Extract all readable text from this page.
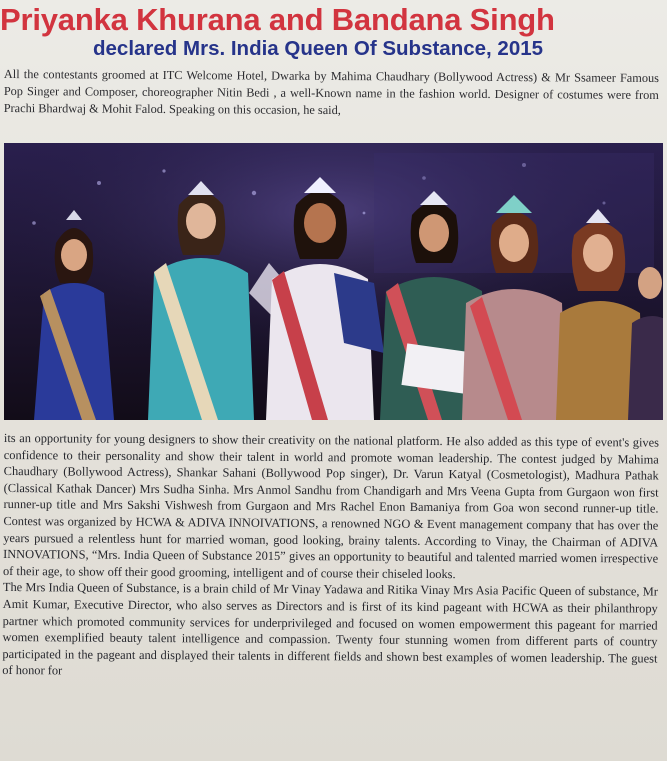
Priyanka Khurana and Bandana Singh
declared Mrs. India Queen Of Substance, 2015

All the contestants groomed at ITC Welcome Hotel, Dwarka by Mahima Chaudhary (Bollywood Actress) & Mr Ssameer Famous Pop Singer and Composer, choreographer Nitin Bedi , a well-Known name in the fashion world. Designer of costumes were from Prachi Bhardwaj & Mohit Falod. Speaking on this occasion, he said,

its an opportunity for young designers to show their creativity on the national platform. He also added as this type of event's gives confidence to their personality and show their talent in world and promote woman leadership. The contest judged by Mahima Chaudhary (Bollywood Actress), Shankar Sahani (Bollywood Pop singer), Dr. Varun Katyal (Cosmetologist), Madhura Pathak (Classical Kathak Dancer) Mrs Sudha Sinha. Mrs Anmol Sandhu from Chandigarh and Mrs Veena Gupta from Gurgaon won first runner-up title and Mrs Sakshi Vishwesh from Gurgaon and Mrs Rachel Enon Bamaniya from Goa won second runner-up title. Contest was organized by HCWA & ADIVA INNOIVATIONS, a renowned NGO & Event management company that has over the years pursued a relentless hunt for married woman, good looking, brainy talents. According to Vinay, the Chairman of ADIVA INNOVATIONS, “Mrs. India Queen of Substance 2015” gives an opportunity to beautiful and talented married women irrespective of their age, to show off their good grooming, intelligent and of course their chiseled looks.

The Mrs India Queen of Substance, is a brain child of Mr Vinay Yadawa and Ritika Vinay Mrs Asia Pacific Queen of substance, Mr Amit Kumar, Executive Director, who also serves as Directors and is first of its kind pageant with HCWA as their philanthropy partner which promoted community services for underprivileged and focused on women empowerment this pageant for married women exemplified beauty talent intelligence and compassion. Twenty four stunning women from different parts of country participated in the pageant and displayed their talents in different fields and shown best examples of women leadership. The guest of honor for
